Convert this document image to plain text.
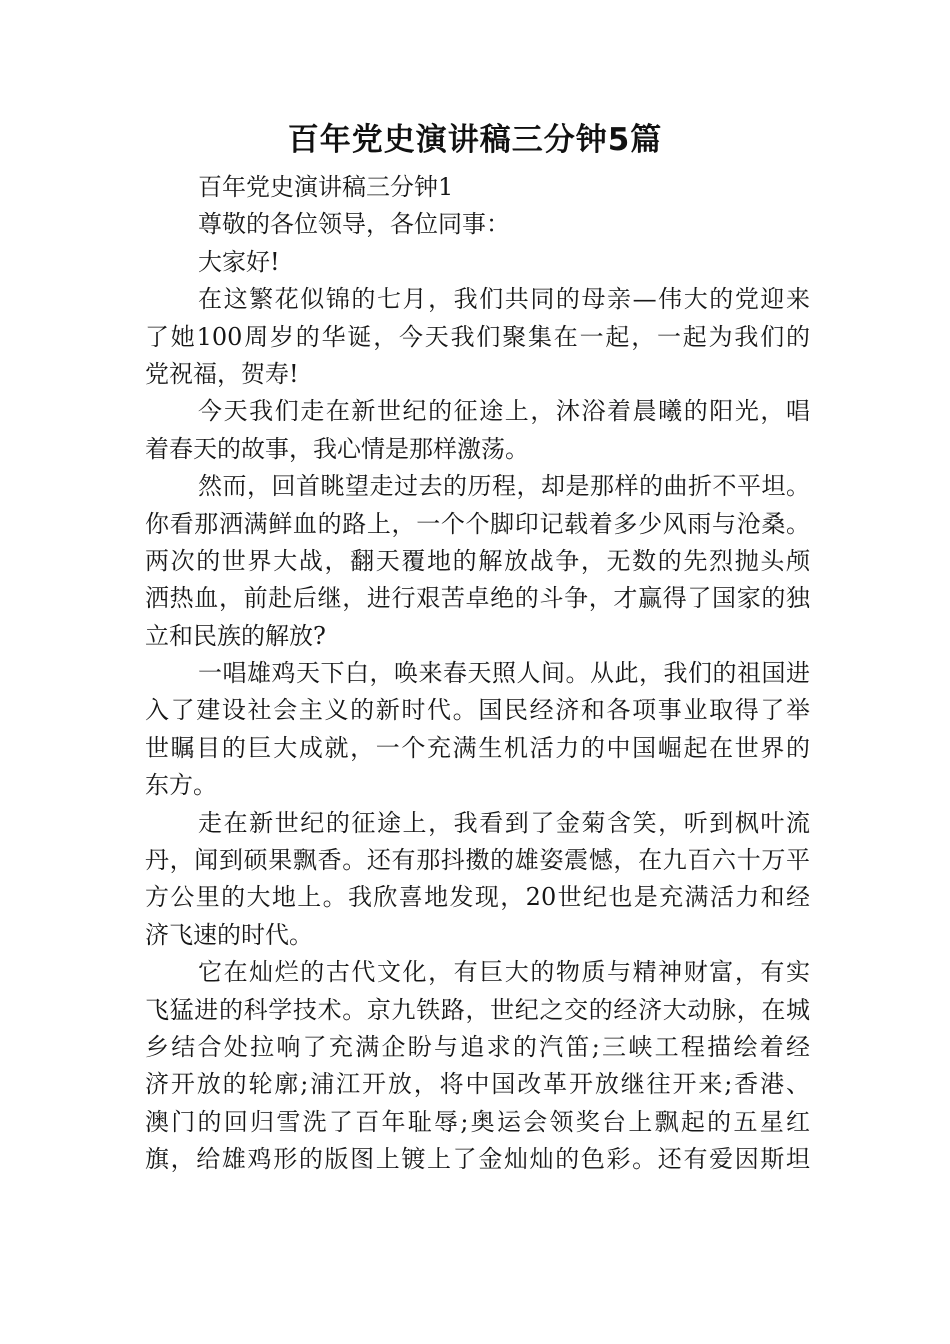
百年党史演讲稿三分钟5篇
百年党史演讲稿三分钟1
尊敬的各位领导，各位同事：
大家好!
在这繁花似锦的七月，我们共同的母亲—伟大的党迎来
了她100周岁的华诞，今天我们聚集在一起，一起为我们的
党祝福，贺寿!
今天我们走在新世纪的征途上，沐浴着晨曦的阳光，唱
着春天的故事，我心情是那样激荡。
然而，回首眺望走过去的历程，却是那样的曲折不平坦。
你看那洒满鲜血的路上，一个个脚印记载着多少风雨与沧桑。
两次的世界大战，翻天覆地的解放战争，无数的先烈抛头颅
洒热血，前赴后继，进行艰苦卓绝的斗争，才赢得了国家的独
立和民族的解放?
一唱雄鸡天下白，唤来春天照人间。从此，我们的祖国进
入了建设社会主义的新时代。国民经济和各项事业取得了举
世瞩目的巨大成就，一个充满生机活力的中国崛起在世界的
东方。
走在新世纪的征途上，我看到了金菊含笑，听到枫叶流
丹，闻到硕果飘香。还有那抖擞的雄姿震憾，在九百六十万平
方公里的大地上。我欣喜地发现，20世纪也是充满活力和经
济飞速的时代。
它在灿烂的古代文化，有巨大的物质与精神财富，有实
飞猛进的科学技术。京九铁路，世纪之交的经济大动脉，在城
乡结合处拉响了充满企盼与追求的汽笛;三峡工程描绘着经
济开放的轮廓;浦江开放，将中国改革开放继往开来;香港、
澳门的回归雪洗了百年耻辱;奥运会领奖台上飘起的五星红
旗，给雄鸡形的版图上镀上了金灿灿的色彩。还有爱因斯坦
